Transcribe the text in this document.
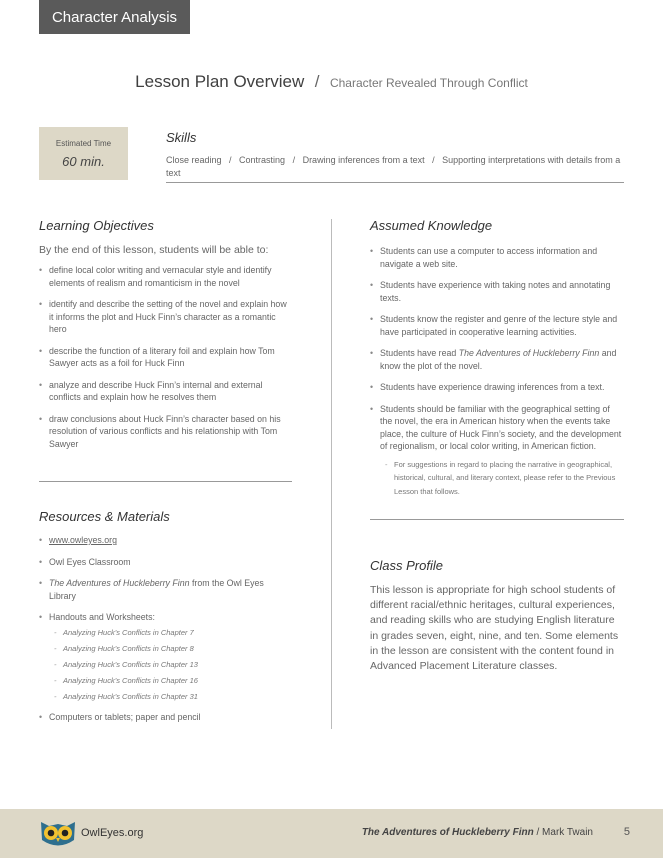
Character Analysis
Lesson Plan Overview / Character Revealed Through Conflict
Estimated Time
60 min.
Skills
Close reading   /   Contrasting   /   Drawing inferences from a text   /   Supporting interpretations with details from a text
Learning Objectives
By the end of this lesson, students will be able to:
• define local color writing and vernacular style and identify elements of realism and romanticism in the novel
• identify and describe the setting of the novel and explain how it informs the plot and Huck Finn’s character as a romantic hero
• describe the function of a literary foil and explain how Tom Sawyer acts as a foil for Huck Finn
• analyze and describe Huck Finn’s internal and external conflicts and explain how he resolves them
• draw conclusions about Huck Finn’s character based on his resolution of various conflicts and his relationship with Tom Sawyer
Resources & Materials
• www.owleyes.org
• Owl Eyes Classroom
• The Adventures of Huckleberry Finn from the Owl Eyes Library
• Handouts and Worksheets:
- Analyzing Huck’s Conflicts in Chapter 7
- Analyzing Huck’s Conflicts in Chapter 8
- Analyzing Huck’s Conflicts in Chapter 13
- Analyzing Huck’s Conflicts in Chapter 16
- Analyzing Huck’s Conflicts in Chapter 31
• Computers or tablets; paper and pencil
Assumed Knowledge
• Students can use a computer to access information and navigate a web site.
• Students have experience with taking notes and annotating texts.
• Students know the register and genre of the lecture style and have participated in cooperative learning activities.
• Students have read The Adventures of Huckleberry Finn and know the plot of the novel.
• Students have experience drawing inferences from a text.
• Students should be familiar with the geographical setting of the novel, the era in American history when the events take place, the culture of Huck Finn’s society, and the development of regionalism, or local color writing, in American fiction.
- For suggestions in regard to placing the narrative in geographical, historical, cultural, and literary context, please refer to the Previous Lesson that follows.
Class Profile
This lesson is appropriate for high school students of different racial/ethnic heritages, cultural experiences, and reading skills who are studying English literature in grades seven, eight, nine, and ten. Some elements in the lesson are consistent with the content found in Advanced Placement Literature classes.
OwlEyes.org	The Adventures of Huckleberry Finn / Mark Twain	5
